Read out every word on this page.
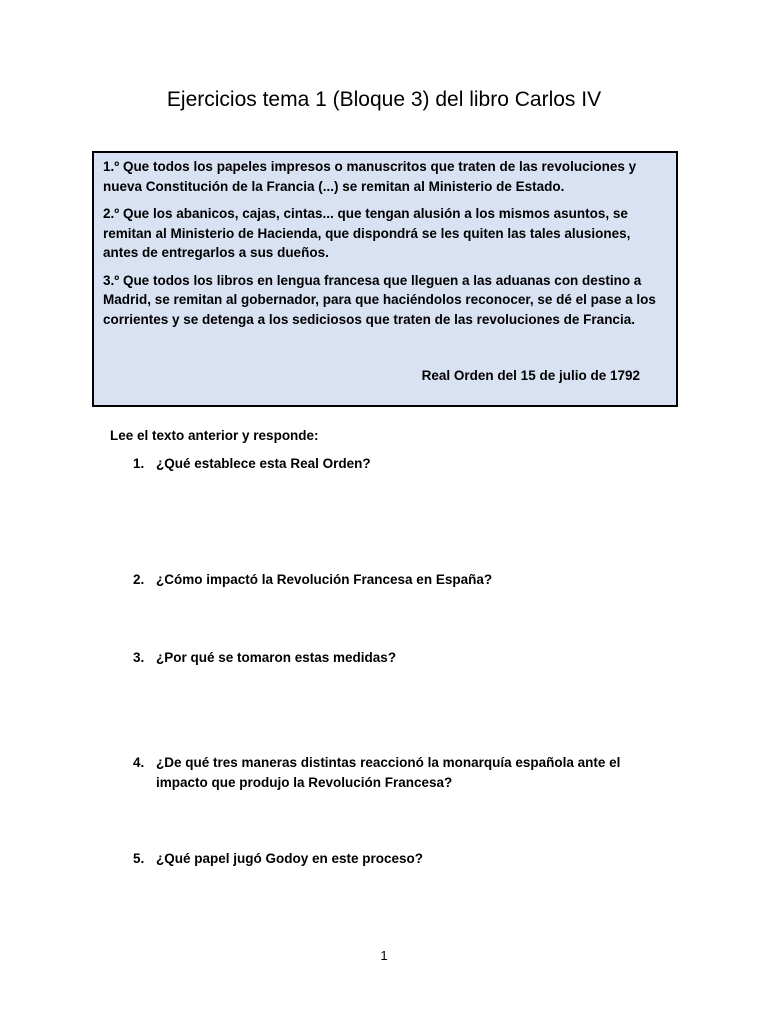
Ejercicios tema 1 (Bloque 3) del libro Carlos IV

1.º Que todos los papeles impresos o manuscritos que traten de las revoluciones y nueva Constitución de la Francia (...) se remitan al Ministerio de Estado.

2.º Que los abanicos, cajas, cintas... que tengan alusión a los mismos asuntos, se remitan al Ministerio de Hacienda, que dispondrá se les quiten las tales alusiones, antes de entregarlos a sus dueños.

3.º Que todos los libros en lengua francesa que lleguen a las aduanas con destino a Madrid, se remitan al gobernador, para que haciéndolos reconocer, se dé el pase a los corrientes y se detenga a los sediciosos que traten de las revoluciones de Francia.

Real Orden del 15 de julio de 1792

Lee el texto anterior y responde:

1. ¿Qué establece esta Real Orden?
2. ¿Cómo impactó la Revolución Francesa en España?
3. ¿Por qué se tomaron estas medidas?
4. ¿De qué tres maneras distintas reaccionó la monarquía española ante el impacto que produjo la Revolución Francesa?
5. ¿Qué papel jugó Godoy en este proceso?

1
